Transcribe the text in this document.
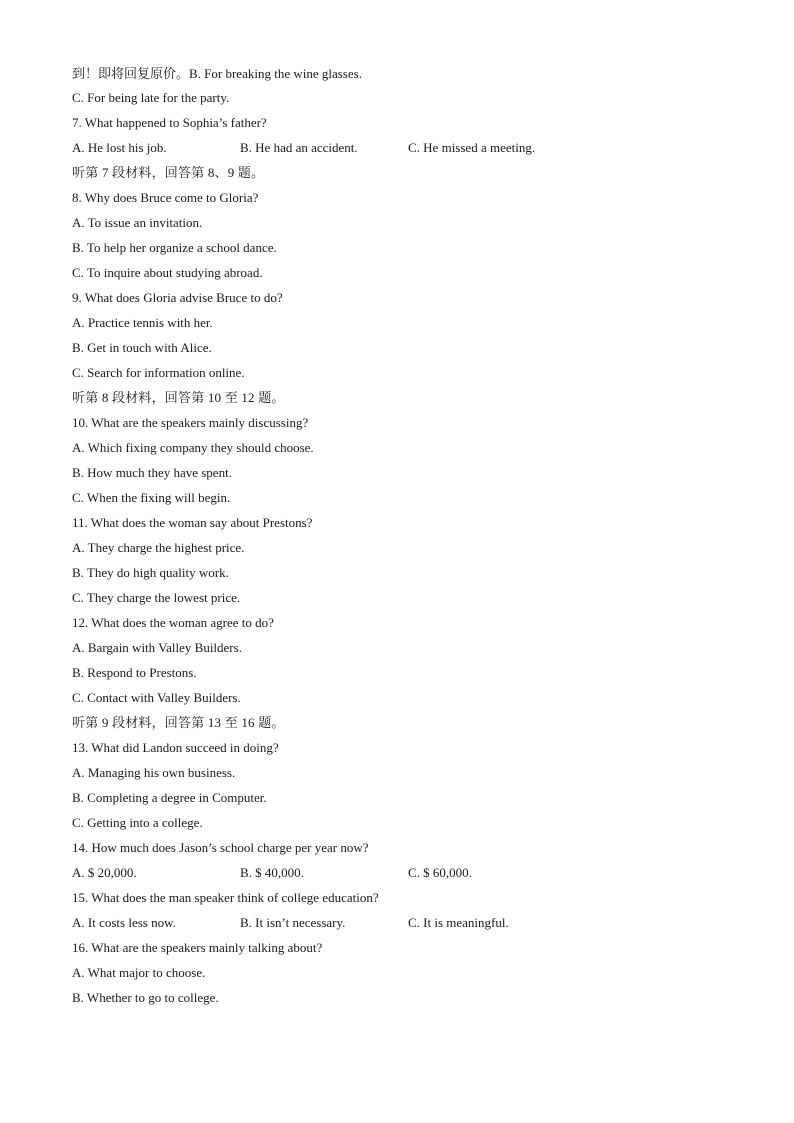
到！即将回复原价。B. For breaking the wine glasses.
C. For being late for the party.
7. What happened to Sophia’s father?
A. He lost his job.	B. He had an accident.	C. He missed a meeting.
听第 7 段材料，回答第 8、9 题。
8. Why does Bruce come to Gloria?
A. To issue an invitation.
B. To help her organize a school dance.
C. To inquire about studying abroad.
9. What does Gloria advise Bruce to do?
A. Practice tennis with her.
B. Get in touch with Alice.
C. Search for information online.
听第 8 段材料，回答第 10 至 12 题。
10. What are the speakers mainly discussing?
A. Which fixing company they should choose.
B. How much they have spent.
C. When the fixing will begin.
11. What does the woman say about Prestons?
A. They charge the highest price.
B. They do high quality work.
C. They charge the lowest price.
12. What does the woman agree to do?
A. Bargain with Valley Builders.
B. Respond to Prestons.
C. Contact with Valley Builders.
听第 9 段材料，回答第 13 至 16 题。
13. What did Landon succeed in doing?
A. Managing his own business.
B. Completing a degree in Computer.
C. Getting into a college.
14. How much does Jason’s school charge per year now?
A. $ 20,000.	B. $ 40,000.	C. $ 60,000.
15. What does the man speaker think of college education?
A. It costs less now.	B. It isn’t necessary.	C. It is meaningful.
16. What are the speakers mainly talking about?
A. What major to choose.
B. Whether to go to college.
